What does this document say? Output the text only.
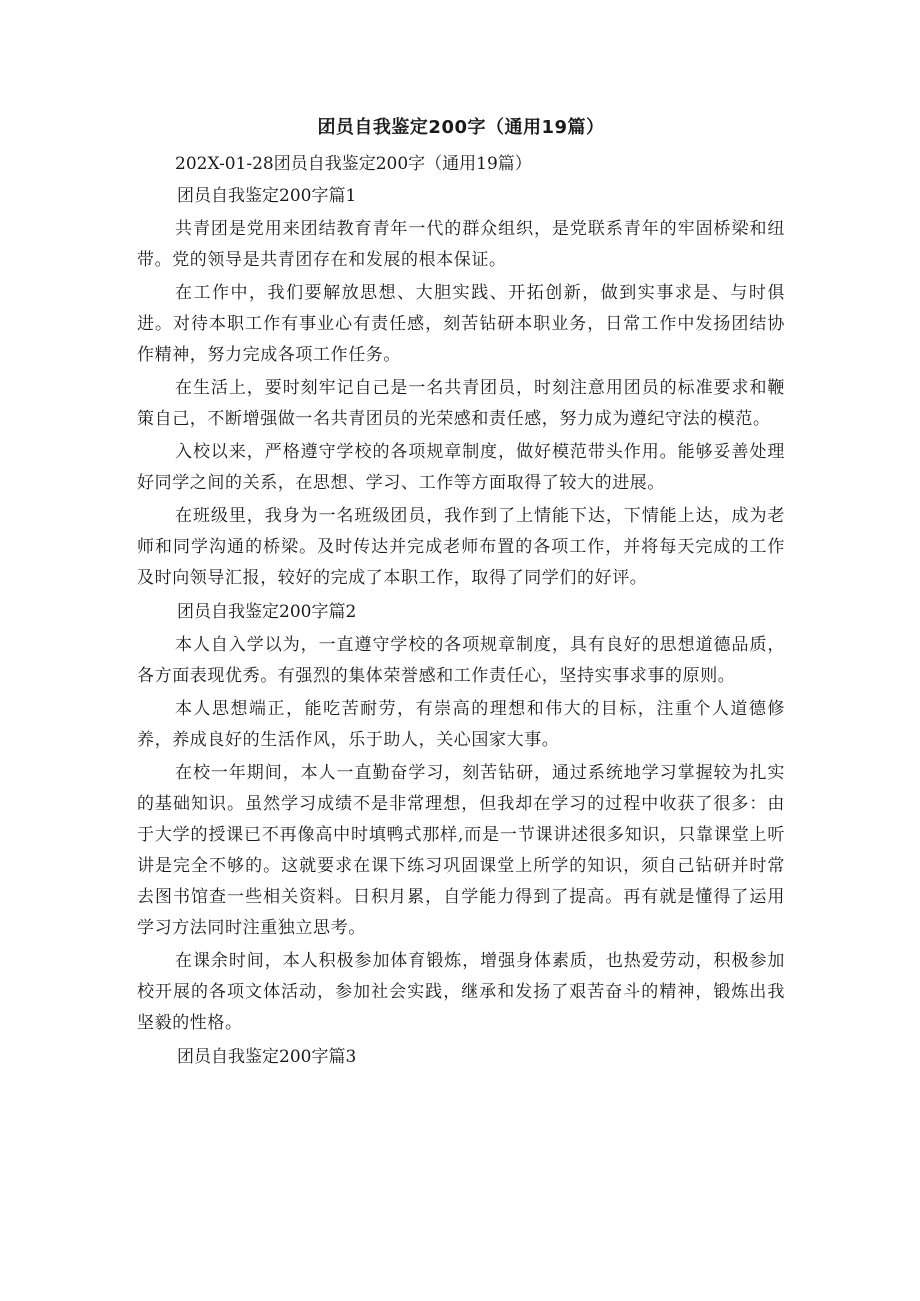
团员自我鉴定200字（通用19篇）

202X-01-28团员自我鉴定200字（通用19篇）

团员自我鉴定200字篇1

共青团是党用来团结教育青年一代的群众组织，是党联系青年的牢固桥梁和纽带。党的领导是共青团存在和发展的根本保证。

在工作中，我们要解放思想、大胆实践、开拓创新，做到实事求是、与时俱进。对待本职工作有事业心有责任感，刻苦钻研本职业务，日常工作中发扬团结协作精神，努力完成各项工作任务。

在生活上，要时刻牢记自己是一名共青团员，时刻注意用团员的标准要求和鞭策自己，不断增强做一名共青团员的光荣感和责任感，努力成为遵纪守法的模范。

入校以来，严格遵守学校的各项规章制度，做好模范带头作用。能够妥善处理好同学之间的关系，在思想、学习、工作等方面取得了较大的进展。

在班级里，我身为一名班级团员，我作到了上情能下达，下情能上达，成为老师和同学沟通的桥梁。及时传达并完成老师布置的各项工作，并将每天完成的工作及时向领导汇报，较好的完成了本职工作，取得了同学们的好评。

团员自我鉴定200字篇2

本人自入学以为，一直遵守学校的各项规章制度，具有良好的思想道德品质，各方面表现优秀。有强烈的集体荣誉感和工作责任心，坚持实事求事的原则。

本人思想端正，能吃苦耐劳，有崇高的理想和伟大的目标，注重个人道德修养，养成良好的生活作风，乐于助人，关心国家大事。

在校一年期间，本人一直勤奋学习，刻苦钻研，通过系统地学习掌握较为扎实的基础知识。虽然学习成绩不是非常理想，但我却在学习的过程中收获了很多：由于大学的授课已不再像高中时填鸭式那样,而是一节课讲述很多知识，只靠课堂上听讲是完全不够的。这就要求在课下练习巩固课堂上所学的知识，须自己钻研并时常去图书馆查一些相关资料。日积月累，自学能力得到了提高。再有就是懂得了运用学习方法同时注重独立思考。

在课余时间，本人积极参加体育锻炼，增强身体素质，也热爱劳动，积极参加校开展的各项文体活动，参加社会实践，继承和发扬了艰苦奋斗的精神，锻炼出我坚毅的性格。

团员自我鉴定200字篇3
